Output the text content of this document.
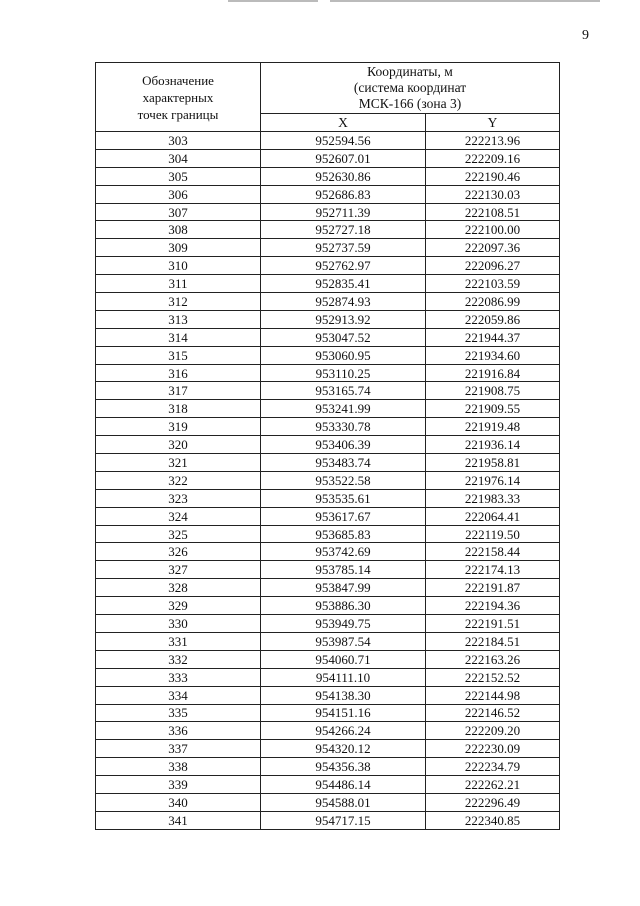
9
Обозначение
характерных
точек границы	Координаты, м
(система координат
МСК-166 (зона 3)	

	X	Y
303	952594.56	222213.96
304	952607.01	222209.16
305	952630.86	222190.46
306	952686.83	222130.03
307	952711.39	222108.51
308	952727.18	222100.00
309	952737.59	222097.36
310	952762.97	222096.27
311	952835.41	222103.59
312	952874.93	222086.99
313	952913.92	222059.86
314	953047.52	221944.37
315	953060.95	221934.60
316	953110.25	221916.84
317	953165.74	221908.75
318	953241.99	221909.55
319	953330.78	221919.48
320	953406.39	221936.14
321	953483.74	221958.81
322	953522.58	221976.14
323	953535.61	221983.33
324	953617.67	222064.41
325	953685.83	222119.50
326	953742.69	222158.44
327	953785.14	222174.13
328	953847.99	222191.87
329	953886.30	222194.36
330	953949.75	222191.51
331	953987.54	222184.51
332	954060.71	222163.26
333	954111.10	222152.52
334	954138.30	222144.98
335	954151.16	222146.52
336	954266.24	222209.20
337	954320.12	222230.09
338	954356.38	222234.79
339	954486.14	222262.21
340	954588.01	222296.49
341	954717.15	222340.85
